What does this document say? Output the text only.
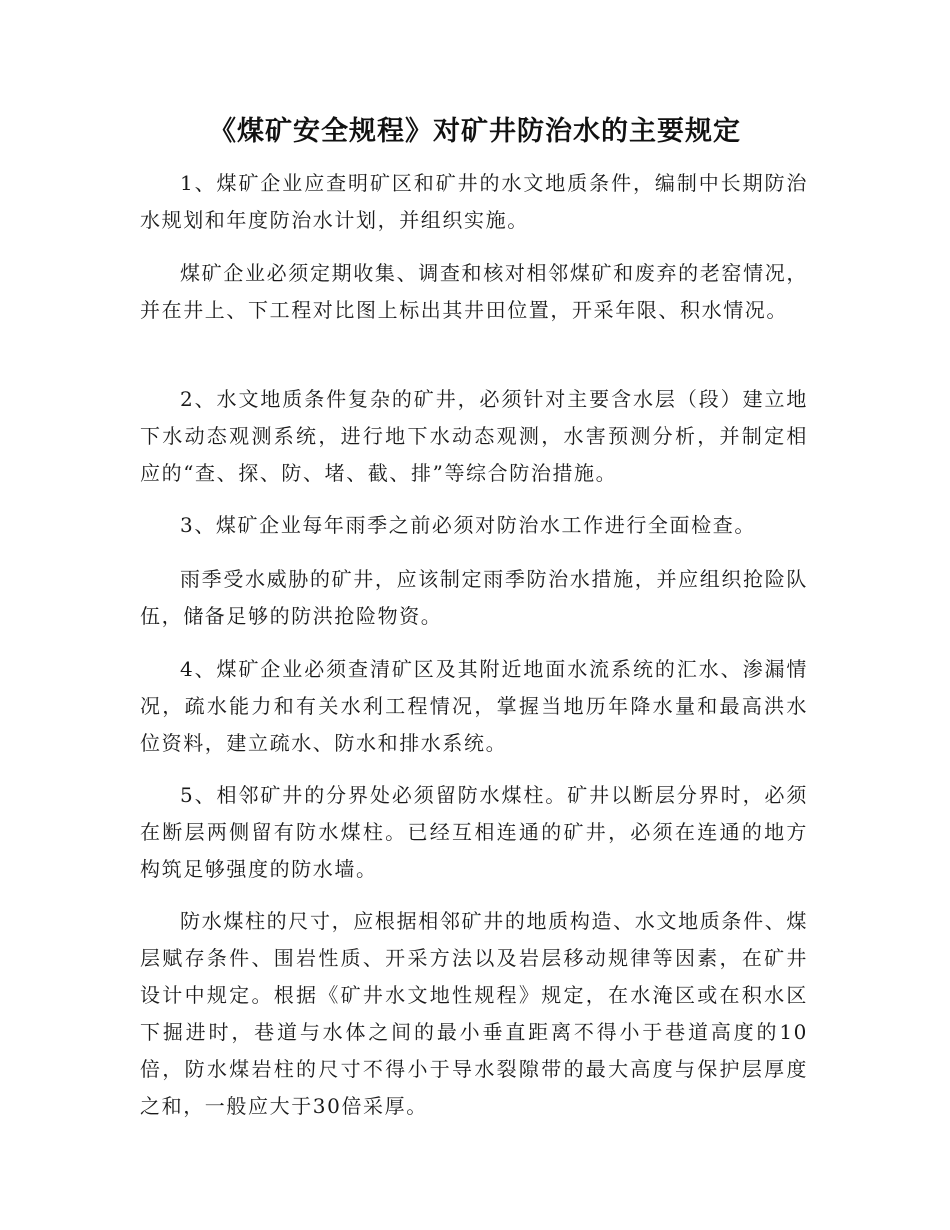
《煤矿安全规程》对矿井防治水的主要规定

1、煤矿企业应查明矿区和矿井的水文地质条件，编制中长期防治水规划和年度防治水计划，并组织实施。

煤矿企业必须定期收集、调查和核对相邻煤矿和废弃的老窑情况，并在井上、下工程对比图上标出其井田位置，开采年限、积水情况。

2、水文地质条件复杂的矿井，必须针对主要含水层（段）建立地下水动态观测系统，进行地下水动态观测，水害预测分析，并制定相应的“查、探、防、堵、截、排”等综合防治措施。

3、煤矿企业每年雨季之前必须对防治水工作进行全面检查。

雨季受水威胁的矿井，应该制定雨季防治水措施，并应组织抢险队伍，储备足够的防洪抢险物资。

4、煤矿企业必须查清矿区及其附近地面水流系统的汇水、渗漏情况，疏水能力和有关水利工程情况，掌握当地历年降水量和最高洪水位资料，建立疏水、防水和排水系统。

5、相邻矿井的分界处必须留防水煤柱。矿井以断层分界时，必须在断层两侧留有防水煤柱。已经互相连通的矿井，必须在连通的地方构筑足够强度的防水墙。

防水煤柱的尺寸，应根据相邻矿井的地质构造、水文地质条件、煤层赋存条件、围岩性质、开采方法以及岩层移动规律等因素，在矿井设计中规定。根据《矿井水文地性规程》规定，在水淹区或在积水区下掘进时，巷道与水体之间的最小垂直距离不得小于巷道高度的10倍，防水煤岩柱的尺寸不得小于导水裂隙带的最大高度与保护层厚度之和，一般应大于30倍采厚。
